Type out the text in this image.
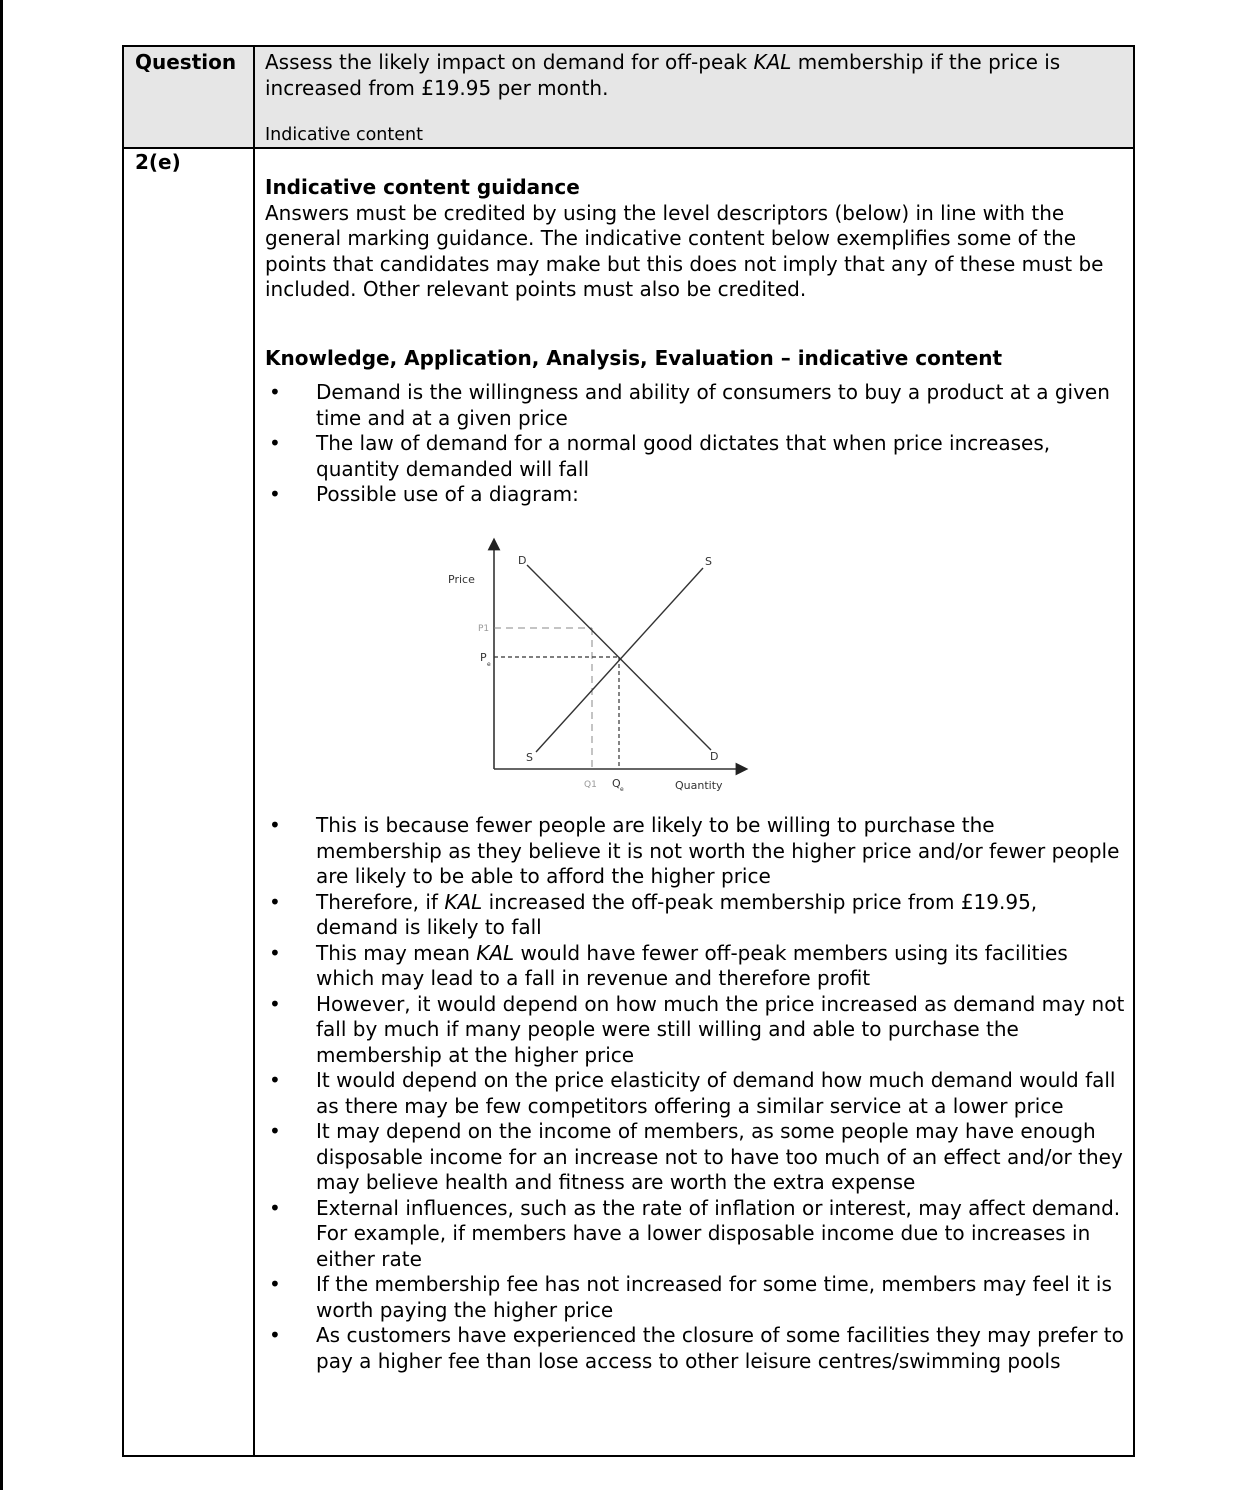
Question
2(e)
Assess the likely impact on demand for off-peak KAL membership if the price is increased from £19.95 per month.
Indicative content
Indicative content guidance
Answers must be credited by using the level descriptors (below) in line with the general marking guidance. The indicative content below exemplifies some of the points that candidates may make but this does not imply that any of these must be included. Other relevant points must also be credited.
Knowledge, Application, Analysis, Evaluation – indicative content
• Demand is the willingness and ability of consumers to buy a product at a given time and at a given price
• The law of demand for a normal good dictates that when price increases, quantity demanded will fall
• Possible use of a diagram:
• This is because fewer people are likely to be willing to purchase the membership as they believe it is not worth the higher price and/or fewer people are likely to be able to afford the higher price
• Therefore, if KAL increased the off-peak membership price from £19.95, demand is likely to fall
• This may mean KAL would have fewer off-peak members using its facilities which may lead to a fall in revenue and therefore profit
• However, it would depend on how much the price increased as demand may not fall by much if many people were still willing and able to purchase the membership at the higher price
• It would depend on the price elasticity of demand how much demand would fall as there may be few competitors offering a similar service at a lower price
• It may depend on the income of members, as some people may have enough disposable income for an increase not to have too much of an effect and/or they may believe health and fitness are worth the extra expense
• External influences, such as the rate of inflation or interest, may affect demand. For example, if members have a lower disposable income due to increases in either rate
• If the membership fee has not increased for some time, members may feel it is worth paying the higher price
• As customers have experienced the closure of some facilities they may prefer to pay a higher fee than lose access to other leisure centres/swimming pools
Price
Quantity
D
D
S
S
P1
P
e
Q1 Q e
